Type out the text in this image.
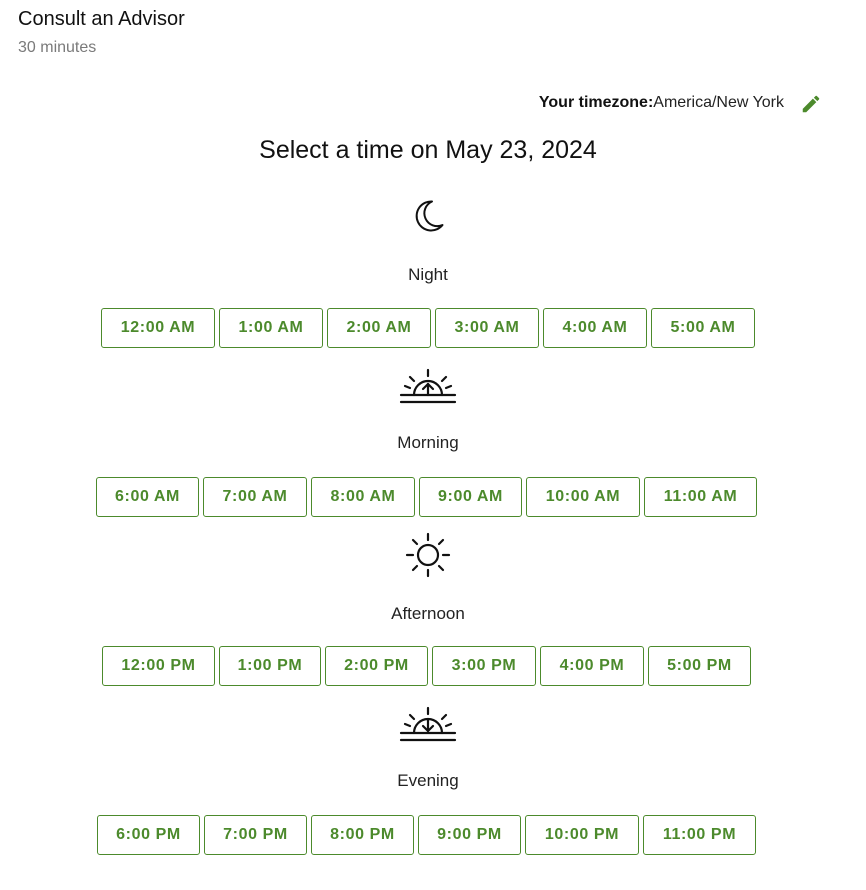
Consult an Advisor
30 minutes
Your timezone: America/New York
Select a time on May 23, 2024
Night
12:00 AM	1:00 AM	2:00 AM	3:00 AM	4:00 AM	5:00 AM
Morning
6:00 AM	7:00 AM	8:00 AM	9:00 AM	10:00 AM	11:00 AM
Afternoon
12:00 PM	1:00 PM	2:00 PM	3:00 PM	4:00 PM	5:00 PM
Evening
6:00 PM	7:00 PM	8:00 PM	9:00 PM	10:00 PM	11:00 PM
